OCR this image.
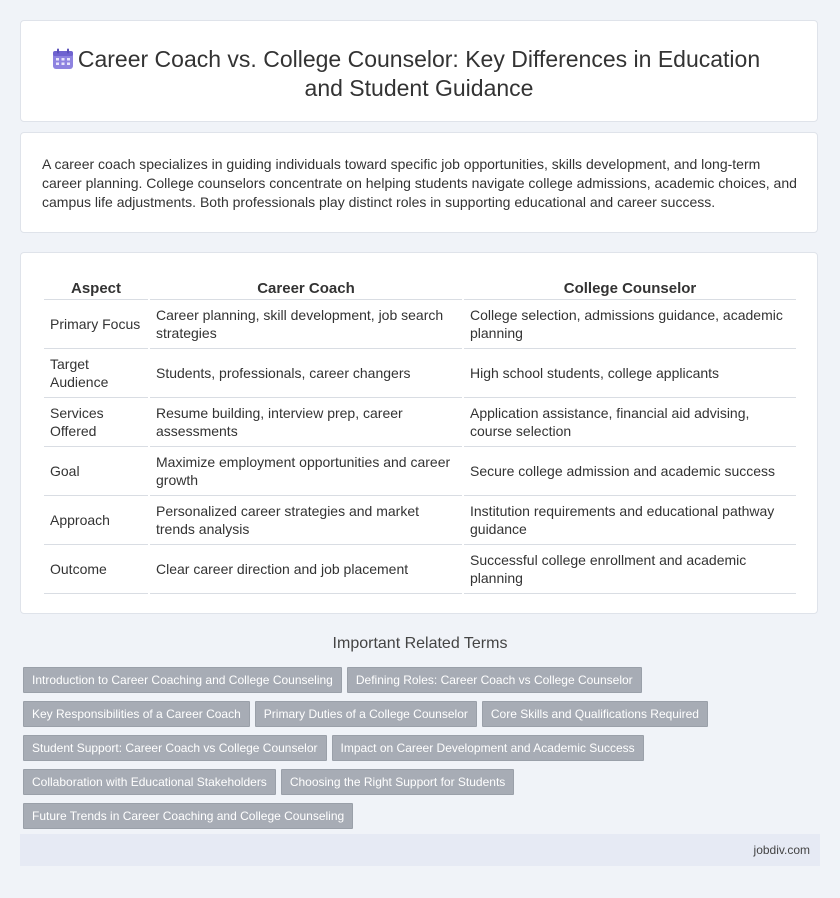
Career Coach vs. College Counselor: Key Differences in Education and Student Guidance

A career coach specializes in guiding individuals toward specific job opportunities, skills development, and long-term career planning. College counselors concentrate on helping students navigate college admissions, academic choices, and campus life adjustments. Both professionals play distinct roles in supporting educational and career success.

Aspect	Career Coach	College Counselor
Primary Focus	Career planning, skill development, job search strategies	College selection, admissions guidance, academic planning
Target Audience	Students, professionals, career changers	High school students, college applicants
Services Offered	Resume building, interview prep, career assessments	Application assistance, financial aid advising, course selection
Goal	Maximize employment opportunities and career growth	Secure college admission and academic success
Approach	Personalized career strategies and market trends analysis	Institution requirements and educational pathway guidance
Outcome	Clear career direction and job placement	Successful college enrollment and academic planning
Important Related Terms
Introduction to Career Coaching and College Counseling Defining Roles: Career Coach vs College Counselor
Key Responsibilities of a Career Coach Primary Duties of a College Counselor Core Skills and Qualifications Required
Student Support: Career Coach vs College Counselor Impact on Career Development and Academic Success
Collaboration with Educational Stakeholders Choosing the Right Support for Students
Future Trends in Career Coaching and College Counseling
jobdiv.com
